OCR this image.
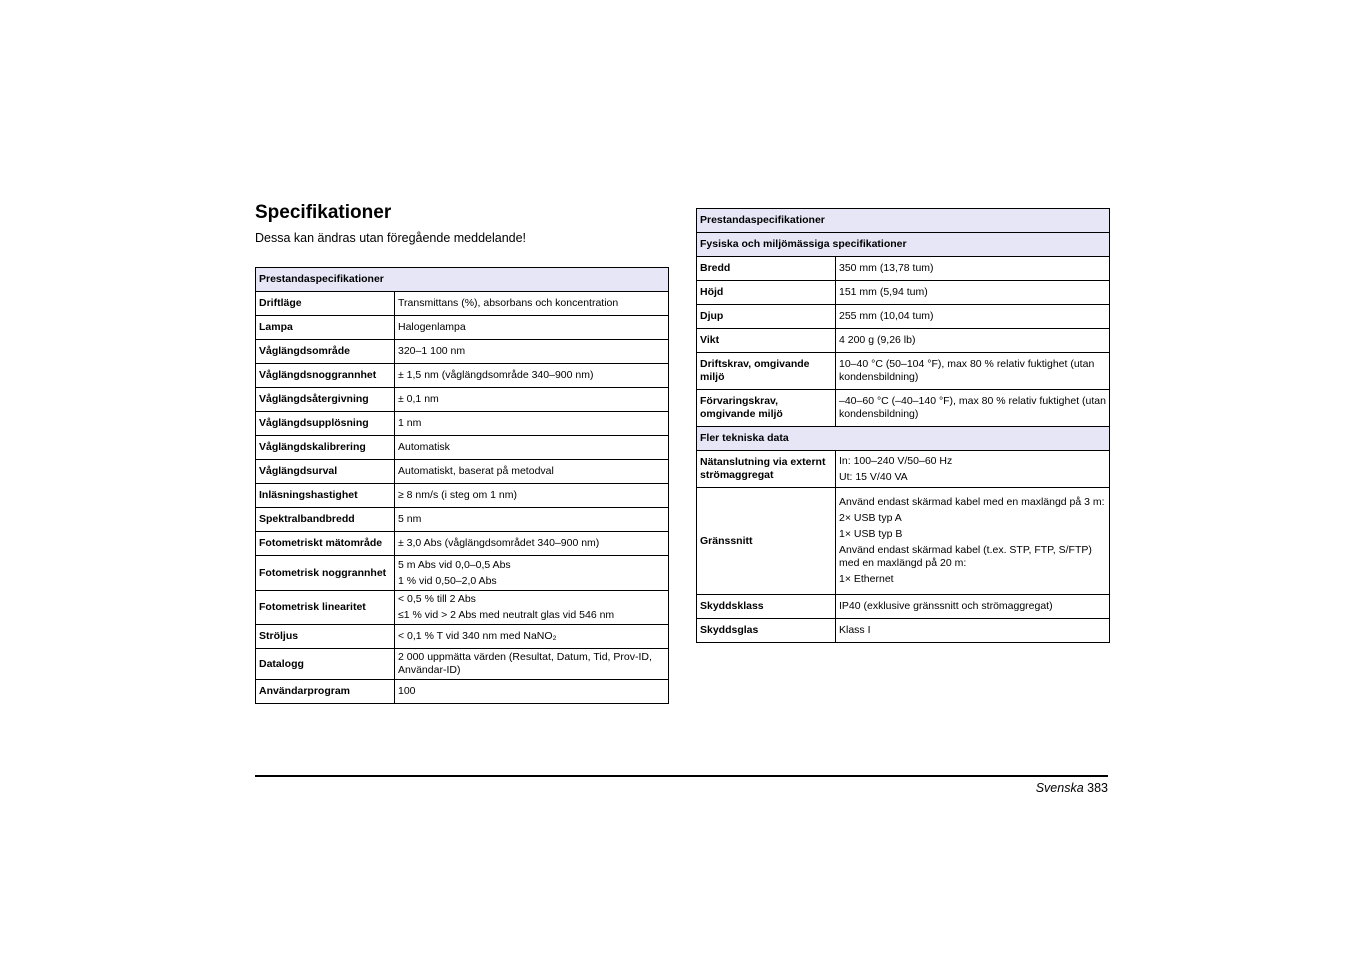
Specifikationer
Dessa kan ändras utan föregående meddelande!
Prestandaspecifikationer	
Driftläge	Transmittans (%), absorbans och koncentration

Lampa	Halogenlampa

Våglängdsområde	320–1 100 nm

Våglängdsnoggrannhet	± 1,5 nm (våglängdsområde 340–900 nm)

Våglängdsåtergivning	± 0,1 nm

Våglängdsupplösning	1 nm

Våglängdskalibrering	Automatisk

Våglängdsurval	Automatiskt, baserat på metodval

Inläsningshastighet	≥ 8 nm/s (i steg om 1 nm)

Spektralbandbredd	5 nm

Fotometriskt mätområde	± 3,0 Abs (våglängdsområdet 340–900 nm)

Fotometrisk noggrannhet	5 m Abs vid 0,0–0,5 Abs
1 % vid 0,50–2,0 Abs

Fotometrisk linearitet	< 0,5 % till 2 Abs
≤1 % vid > 2 Abs med neutralt glas vid 546 nm

Ströljus	< 0,1 % T vid 340 nm med NaNO₂

Datalogg	2 000 uppmätta värden (Resultat, Datum, Tid, Prov-ID, Användar-ID)

Användarprogram	100
Prestandaspecifikationer	
Fysiska och miljömässiga specifikationer	
Bredd	350 mm (13,78 tum)

Höjd	151 mm (5,94 tum)

Djup	255 mm (10,04 tum)

Vikt	4 200 g (9,26 lb)

Driftskrav, omgivande miljö	10–40 °C (50–104 °F), max 80 % relativ fuktighet (utan kondensbildning)

Förvaringskrav, omgivande miljö	–40–60 °C (–40–140 °F), max 80 % relativ fuktighet (utan kondensbildning)

Fler tekniska data	
Nätanslutning via externt strömaggregat	In: 100–240 V/50–60 Hz
Ut: 15 V/40 VA

Gränssnitt	Använd endast skärmad kabel med en maxlängd på 3 m:
2× USB typ A
1× USB typ B
Använd endast skärmad kabel (t.ex. STP, FTP, S/FTP) med en maxlängd på 20 m:
1× Ethernet

Skyddsklass	IP40 (exklusive gränssnitt och strömaggregat)

Skyddsglas	Klass I
Svenska 383
